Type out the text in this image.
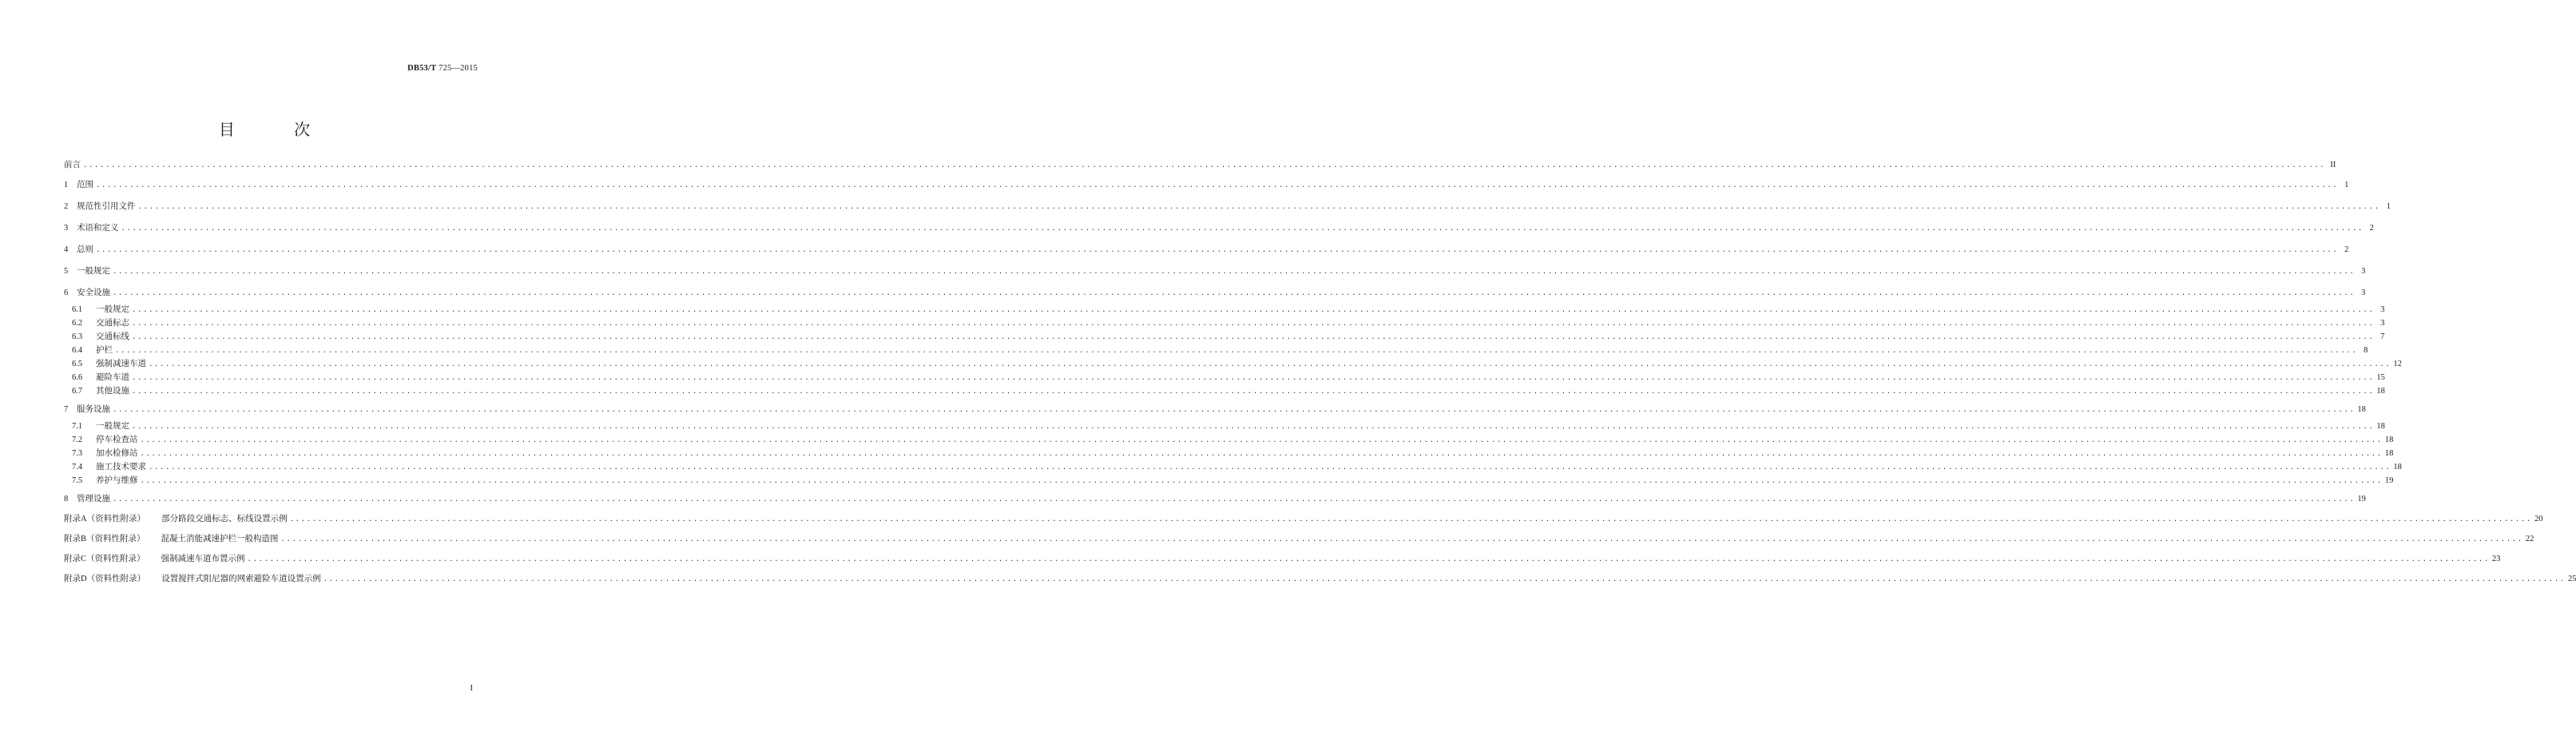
DB53/T 725—2015
目 次
前言 ................................................................................................................................................................................................................................................................................................................................................................................................................ II
1 范围 ................................................................................................................................................................................................................................................................................................................................................................................................................ 1
2 规范性引用文件 ................................................................................................................................................................................................................................................................................................................................................................................................................ 1
3 术语和定义 ................................................................................................................................................................................................................................................................................................................................................................................................................ 2
4 总则 ................................................................................................................................................................................................................................................................................................................................................................................................................ 2
5 一般规定 ................................................................................................................................................................................................................................................................................................................................................................................................................ 3
6 安全设施 ................................................................................................................................................................................................................................................................................................................................................................................................................ 3
6.1 一般规定 ................................................................................................................................................................................................................................................................................................................................................................................................................ 3
6.2 交通标志 ................................................................................................................................................................................................................................................................................................................................................................................................................ 3
6.3 交通标线 ................................................................................................................................................................................................................................................................................................................................................................................................................ 7
6.4 护栏 ................................................................................................................................................................................................................................................................................................................................................................................................................ 8
6.5 强制减速车道 ................................................................................................................................................................................................................................................................................................................................................................................................................ 12
6.6 避险车道 ................................................................................................................................................................................................................................................................................................................................................................................................................ 15
6.7 其他设施 ................................................................................................................................................................................................................................................................................................................................................................................................................ 18
7 服务设施 ................................................................................................................................................................................................................................................................................................................................................................................................................ 18
7.1 一般规定 ................................................................................................................................................................................................................................................................................................................................................................................................................ 18
7.2 停车检查站 ................................................................................................................................................................................................................................................................................................................................................................................................................ 18
7.3 加水检修站 ................................................................................................................................................................................................................................................................................................................................................................................................................ 18
7.4 施工技术要求 ................................................................................................................................................................................................................................................................................................................................................................................................................ 18
7.5 养护与维修 ................................................................................................................................................................................................................................................................................................................................................................................................................ 19
8 管理设施 ................................................................................................................................................................................................................................................................................................................................................................................................................ 19
附录A（资料性附录） 部分路段交通标志、标线设置示例 ................................................................................................................................................................................................................................................................................................................................................................................................................ 20
附录B（资料性附录） 混凝土消能减速护栏一般构造图 ................................................................................................................................................................................................................................................................................................................................................................................................................ 22
附录C（资料性附录） 强制减速车道布置示例 ................................................................................................................................................................................................................................................................................................................................................................................................................ 23
附录D（资料性附录） 设置搅拌式阻尼器的网索避险车道设置示例 ................................................................................................................................................................................................................................................................................................................................................................................................................ 25
I
